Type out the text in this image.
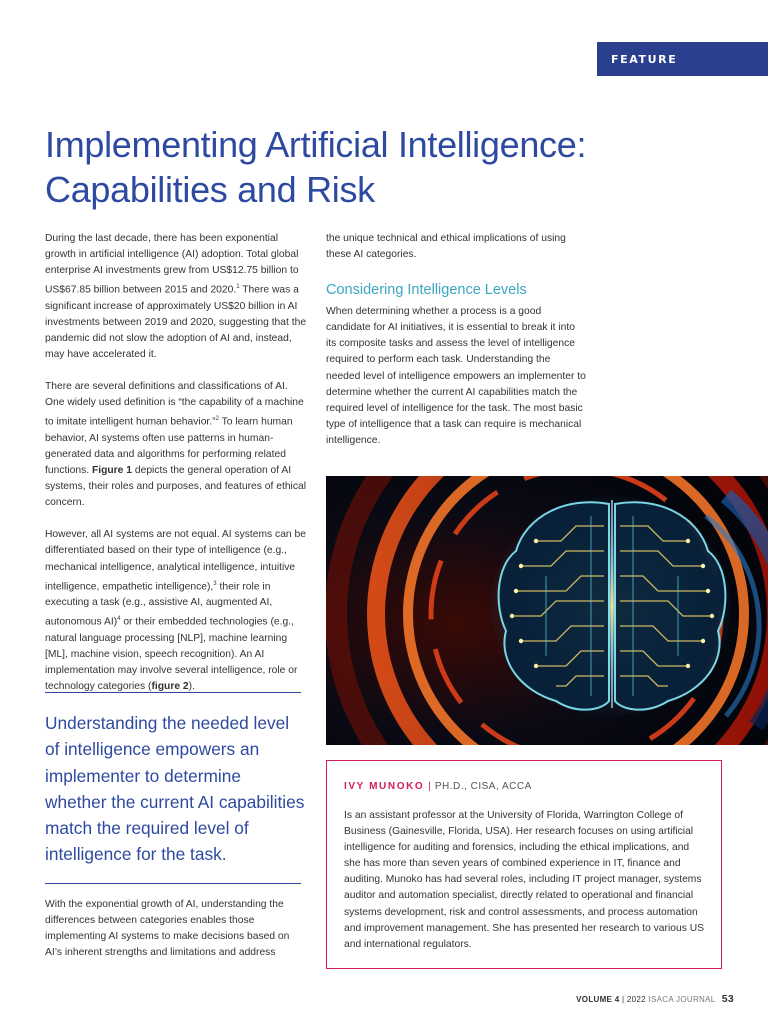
FEATURE
Implementing Artificial Intelligence: Capabilities and Risk

During the last decade, there has been exponential growth in artificial intelligence (AI) adoption. Total global enterprise AI investments grew from US$12.75 billion to US$67.85 billion between 2015 and 2020.$^1$ There was a significant increase of approximately US$20 billion in AI investments between 2019 and 2020, suggesting that the pandemic did not slow the adoption of AI and, instead, may have accelerated it.

There are several definitions and classifications of AI. One widely used definition is “the capability of a machine to imitate intelligent human behavior.”$^2$ To learn human behavior, AI systems often use patterns in human-generated data and algorithms for performing related functions. Figure 1 depicts the general operation of AI systems, their roles and purposes, and features of ethical concern.

However, all AI systems are not equal. AI systems can be differentiated based on their type of intelligence (e.g., mechanical intelligence, analytical intelligence, intuitive intelligence, empathetic intelligence),$^3$ their role in executing a task (e.g., assistive AI, augmented AI, autonomous AI)$^4$ or their embedded technologies (e.g., natural language processing [NLP], machine learning [ML], machine vision, speech recognition). An AI implementation may involve several intelligence, role or technology categories (figure 2).

Understanding the needed level of intelligence empowers an implementer to determine whether the current AI capabilities match the required level of intelligence for the task.

With the exponential growth of AI, understanding the differences between categories enables those implementing AI systems to make decisions based on AI’s inherent strengths and limitations and address

the unique technical and ethical implications of using these AI categories.

Considering Intelligence Levels

When determining whether a process is a good candidate for AI initiatives, it is essential to break it into its composite tasks and assess the level of intelligence required to perform each task. Understanding the needed level of intelligence empowers an implementer to determine whether the current AI capabilities match the required level of intelligence for the task. The most basic type of intelligence that a task can require is mechanical intelligence.

IVY MUNOKO | PH.D., CISA, ACCA

Is an assistant professor at the University of Florida, Warrington College of Business (Gainesville, Florida, USA). Her research focuses on using artificial intelligence for auditing and forensics, including the ethical implications, and she has more than seven years of combined experience in IT, finance and auditing. Munoko has had several roles, including IT project manager, systems auditor and automation specialist, directly related to operational and financial systems development, risk and control assessments, and process automation and improvement management. She has presented her research to various US and international regulators.

VOLUME 4 | 2022 ISACA JOURNAL 53
